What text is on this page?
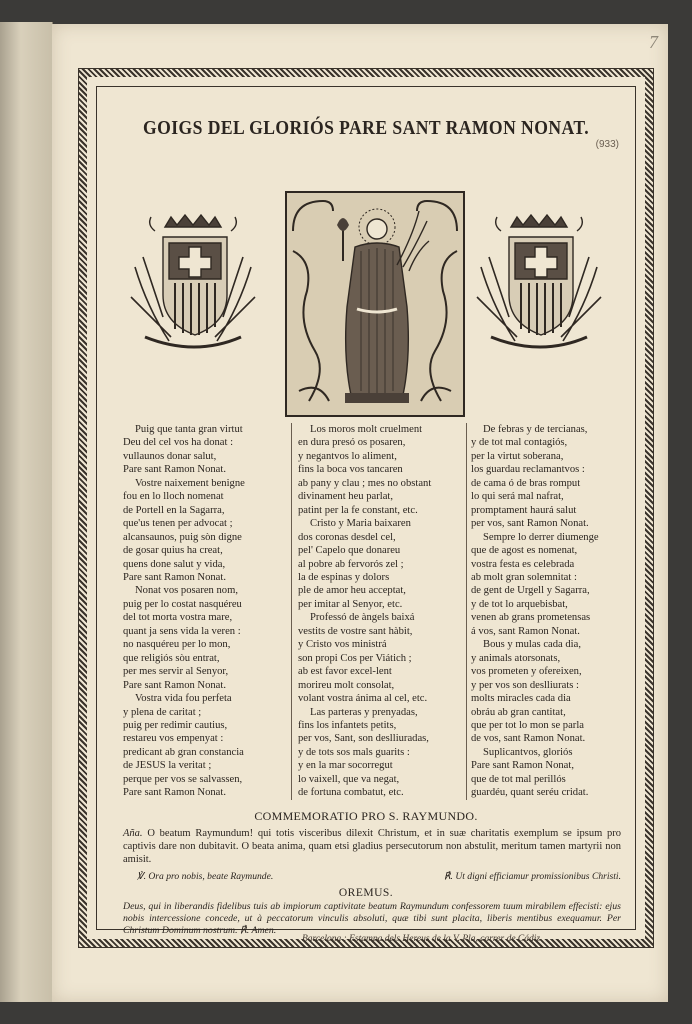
7
GOIGS DEL GLORIÓS PARE SANT RAMON NONAT.
(933)
Puig que tanta gran virtut
Deu del cel vos ha donat :
vullaunos donar salut,
Pare sant Ramon Nonat.
Vostre naixement benigne
fou en lo lloch nomenat
de Portell en la Sagarra,
que'us tenen per advocat ;
alcansaunos, puig sòn digne
de gosar quius ha creat,
quens done salut y vida,
Pare sant Ramon Nonat.
Nonat vos posaren nom,
puig per lo costat nasquéreu
del tot morta vostra mare,
quant ja sens vida la veren :
no nasquéreu per lo mon,
que religiós sòu entrat,
per mes servir al Senyor,
Pare sant Ramon Nonat.
Vostra vida fou perfeta
y plena de caritat ;
puig per redimir cautius,
restareu vos empenyat :
predicant ab gran constancia
de JESUS la veritat ;
perque per vos se salvassen,
Pare sant Ramon Nonat.
Los moros molt cruelment
en dura presó os posaren,
y negantvos lo aliment,
fins la boca vos tancaren
ab pany y clau ; mes no obstant
divinament heu parlat,
patint per la fe constant, etc.
Cristo y Maria baixaren
dos coronas desdel cel,
pel' Capelo que donareu
al pobre ab fervorós zel ;
la de espinas y dolors
ple de amor heu acceptat,
per imitar al Senyor, etc.
Professó de àngels baixá
vestits de vostre sant hàbit,
y Cristo vos ministrá
son propi Cos per Viátich ;
ab est favor excel-lent
morireu molt consolat,
volant vostra ánima al cel, etc.
Las parteras y prenyadas,
fins los infantets petits,
per vos, Sant, son deslliuradas,
y de tots sos mals guarits :
y en la mar socorregut
lo vaixell, que va negat,
de fortuna combatut, etc.
De febras y de tercianas,
y de tot mal contagiós,
per la virtut soberana,
los guardau reclamantvos :
de cama ó de bras romput
lo qui será mal nafrat,
promptament haurá salut
per vos, sant Ramon Nonat.
Sempre lo derrer diumenge
que de agost es nomenat,
vostra festa es celebrada
ab molt gran solemnitat :
de gent de Urgell y Sagarra,
y de tot lo arquebisbat,
venen ab grans prometensas
á vos, sant Ramon Nonat.
Bous y mulas cada dia,
y animals atorsonats,
vos prometen y ofereixen,
y per vos son deslliurats :
molts miracles cada dia
obráu ab gran cantitat,
que per tot lo mon se parla
de vos, sant Ramon Nonat.
Suplicantvos, gloriós
Pare sant Ramon Nonat,
que de tot mal perillós
guardéu, quant seréu cridat.
COMMEMORATIO PRO S. RAYMUNDO.
Aña. O beatum Raymundum! qui totis visceribus dilexit Christum, et in suæ charitatis exemplum se ipsum pro captivis dare non dubitavit. O beata anima, quam etsi gladius persecutorum non abstulit, meritum tamen martyrii non amisit.
℣. Ora pro nobis, beate Raymunde.	℟. Ut digni efficiamur promissionibus Christi.
OREMUS.
Deus, qui in liberandis fidelibus tuis ab impiorum captivitate beatum Raymundum confessorem tuum mirabilem effecisti: ejus nobis intercessione concede, ut à peccatorum vinculis absoluti, quæ tibi sunt placita, liberis mentibus exequamur. Per Christum Dominum nostrum. ℟. Amen.
Barcelona : Estampa dels Hereus de la V. Pla, carrer de Cádiz.
